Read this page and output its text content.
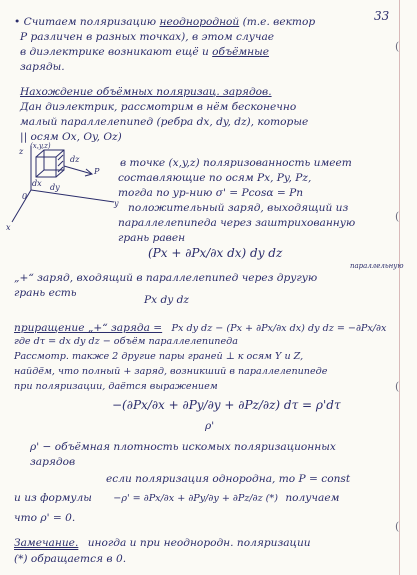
33
• Считаем поляризацию неоднородной (т.е. вектор
P различен в разных точках), в этом случае
в диэлектрике возникают ещё и объёмные
заряды.
Нахождение объёмных поляризац. зарядов.
Дан диэлектрик, рассмотрим в нём бесконечно
малый параллелепипед (ребра dx, dy, dz), которые
|| осям Ox, Oy, Oz)
(x,y,z)
z
y
x
0
dy
dz
dx
P
в точке (x,y,z) поляризованность имеет
составляющие по осям Px, Py, Pz,
тогда по ур-нию σ' = Pcosα = Pn
положительный заряд, выходящий из
параллелепипеда через заштрихованную
грань равен
(Px + ∂Px/∂x dx) dy dz
параллельную
„+“ заряд, входящий в параллелепипед через другую
грань есть
Px dy dz
приращение „+“ заряда = Px dy dz − (Px + ∂Px/∂x dx) dy dz = −∂Px/∂x
где dτ = dx dy dz − объём параллелепипеда
Рассмотр. также 2 другие пары граней ⊥ к осям Y и Z,
найдём, что полный + заряд, возникший в параллелепипеде
при поляризации, даётся выражением
−(∂Px/∂x + ∂Py/∂y + ∂Pz/∂z) dτ = ρ'dτ
ρ'
ρ' − объёмная плотность искомых поляризационных
зарядов
если поляризация однородна, то P = const
и из формулы −ρ' = ∂Px/∂x + ∂Py/∂y + ∂Pz/∂z (*) получаем
что ρ' = 0.
Замечание. иногда и при неоднородн. поляризации
(*) обращается в 0.
(
(
(
(
